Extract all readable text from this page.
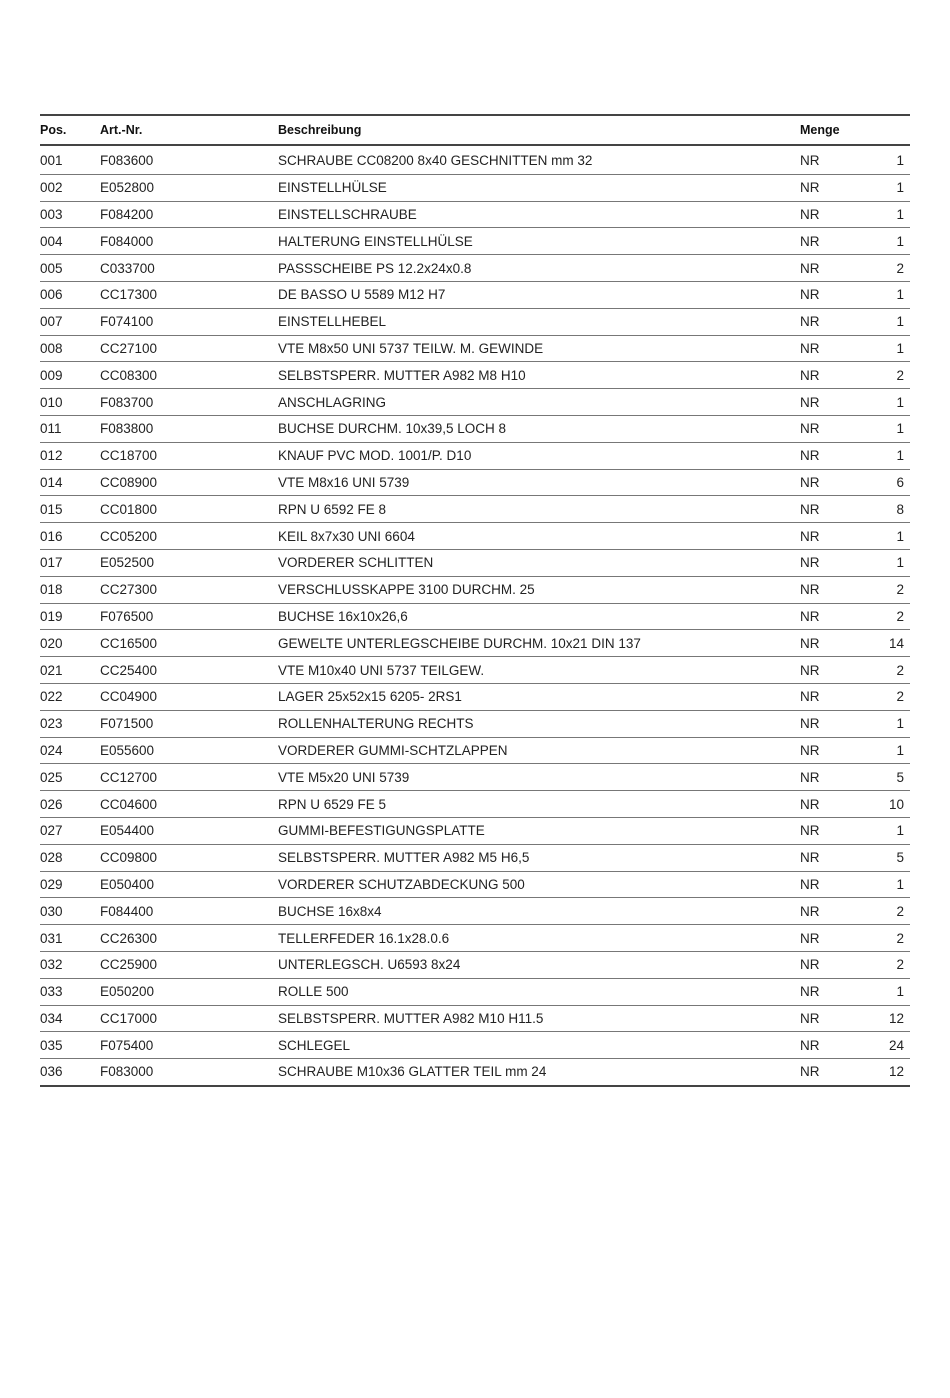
Pos.	Art.-Nr.	Beschreibung	Menge	
001	F083600	SCHRAUBE CC08200 8x40 GESCHNITTEN mm 32	NR	1
002	E052800	EINSTELLHÜLSE	NR	1
003	F084200	EINSTELLSCHRAUBE	NR	1
004	F084000	HALTERUNG EINSTELLHÜLSE	NR	1
005	C033700	PASSSCHEIBE PS 12.2x24x0.8	NR	2
006	CC17300	DE BASSO U 5589 M12 H7	NR	1
007	F074100	EINSTELLHEBEL	NR	1
008	CC27100	VTE M8x50 UNI 5737 TEILW. M. GEWINDE	NR	1
009	CC08300	SELBSTSPERR. MUTTER A982 M8 H10	NR	2
010	F083700	ANSCHLAGRING	NR	1
011	F083800	BUCHSE DURCHM. 10x39,5 LOCH 8	NR	1
012	CC18700	KNAUF PVC MOD. 1001/P. D10	NR	1
014	CC08900	VTE M8x16 UNI 5739	NR	6
015	CC01800	RPN U 6592 FE 8	NR	8
016	CC05200	KEIL 8x7x30 UNI 6604	NR	1
017	E052500	VORDERER SCHLITTEN	NR	1
018	CC27300	VERSCHLUSSKAPPE 3100 DURCHM. 25	NR	2
019	F076500	BUCHSE 16x10x26,6	NR	2
020	CC16500	GEWELTE UNTERLEGSCHEIBE DURCHM. 10x21 DIN 137	NR	14
021	CC25400	VTE M10x40 UNI 5737 TEILGEW.	NR	2
022	CC04900	LAGER 25x52x15 6205- 2RS1	NR	2
023	F071500	ROLLENHALTERUNG RECHTS	NR	1
024	E055600	VORDERER GUMMI-SCHTZLAPPEN	NR	1
025	CC12700	VTE M5x20 UNI 5739	NR	5
026	CC04600	RPN U 6529 FE 5	NR	10
027	E054400	GUMMI-BEFESTIGUNGSPLATTE	NR	1
028	CC09800	SELBSTSPERR. MUTTER A982 M5 H6,5	NR	5
029	E050400	VORDERER SCHUTZABDECKUNG 500	NR	1
030	F084400	BUCHSE 16x8x4	NR	2
031	CC26300	TELLERFEDER 16.1x28.0.6	NR	2
032	CC25900	UNTERLEGSCH. U6593 8x24	NR	2
033	E050200	ROLLE 500	NR	1
034	CC17000	SELBSTSPERR. MUTTER A982 M10 H11.5	NR	12
035	F075400	SCHLEGEL	NR	24
036	F083000	SCHRAUBE M10x36 GLATTER TEIL mm 24	NR	12
